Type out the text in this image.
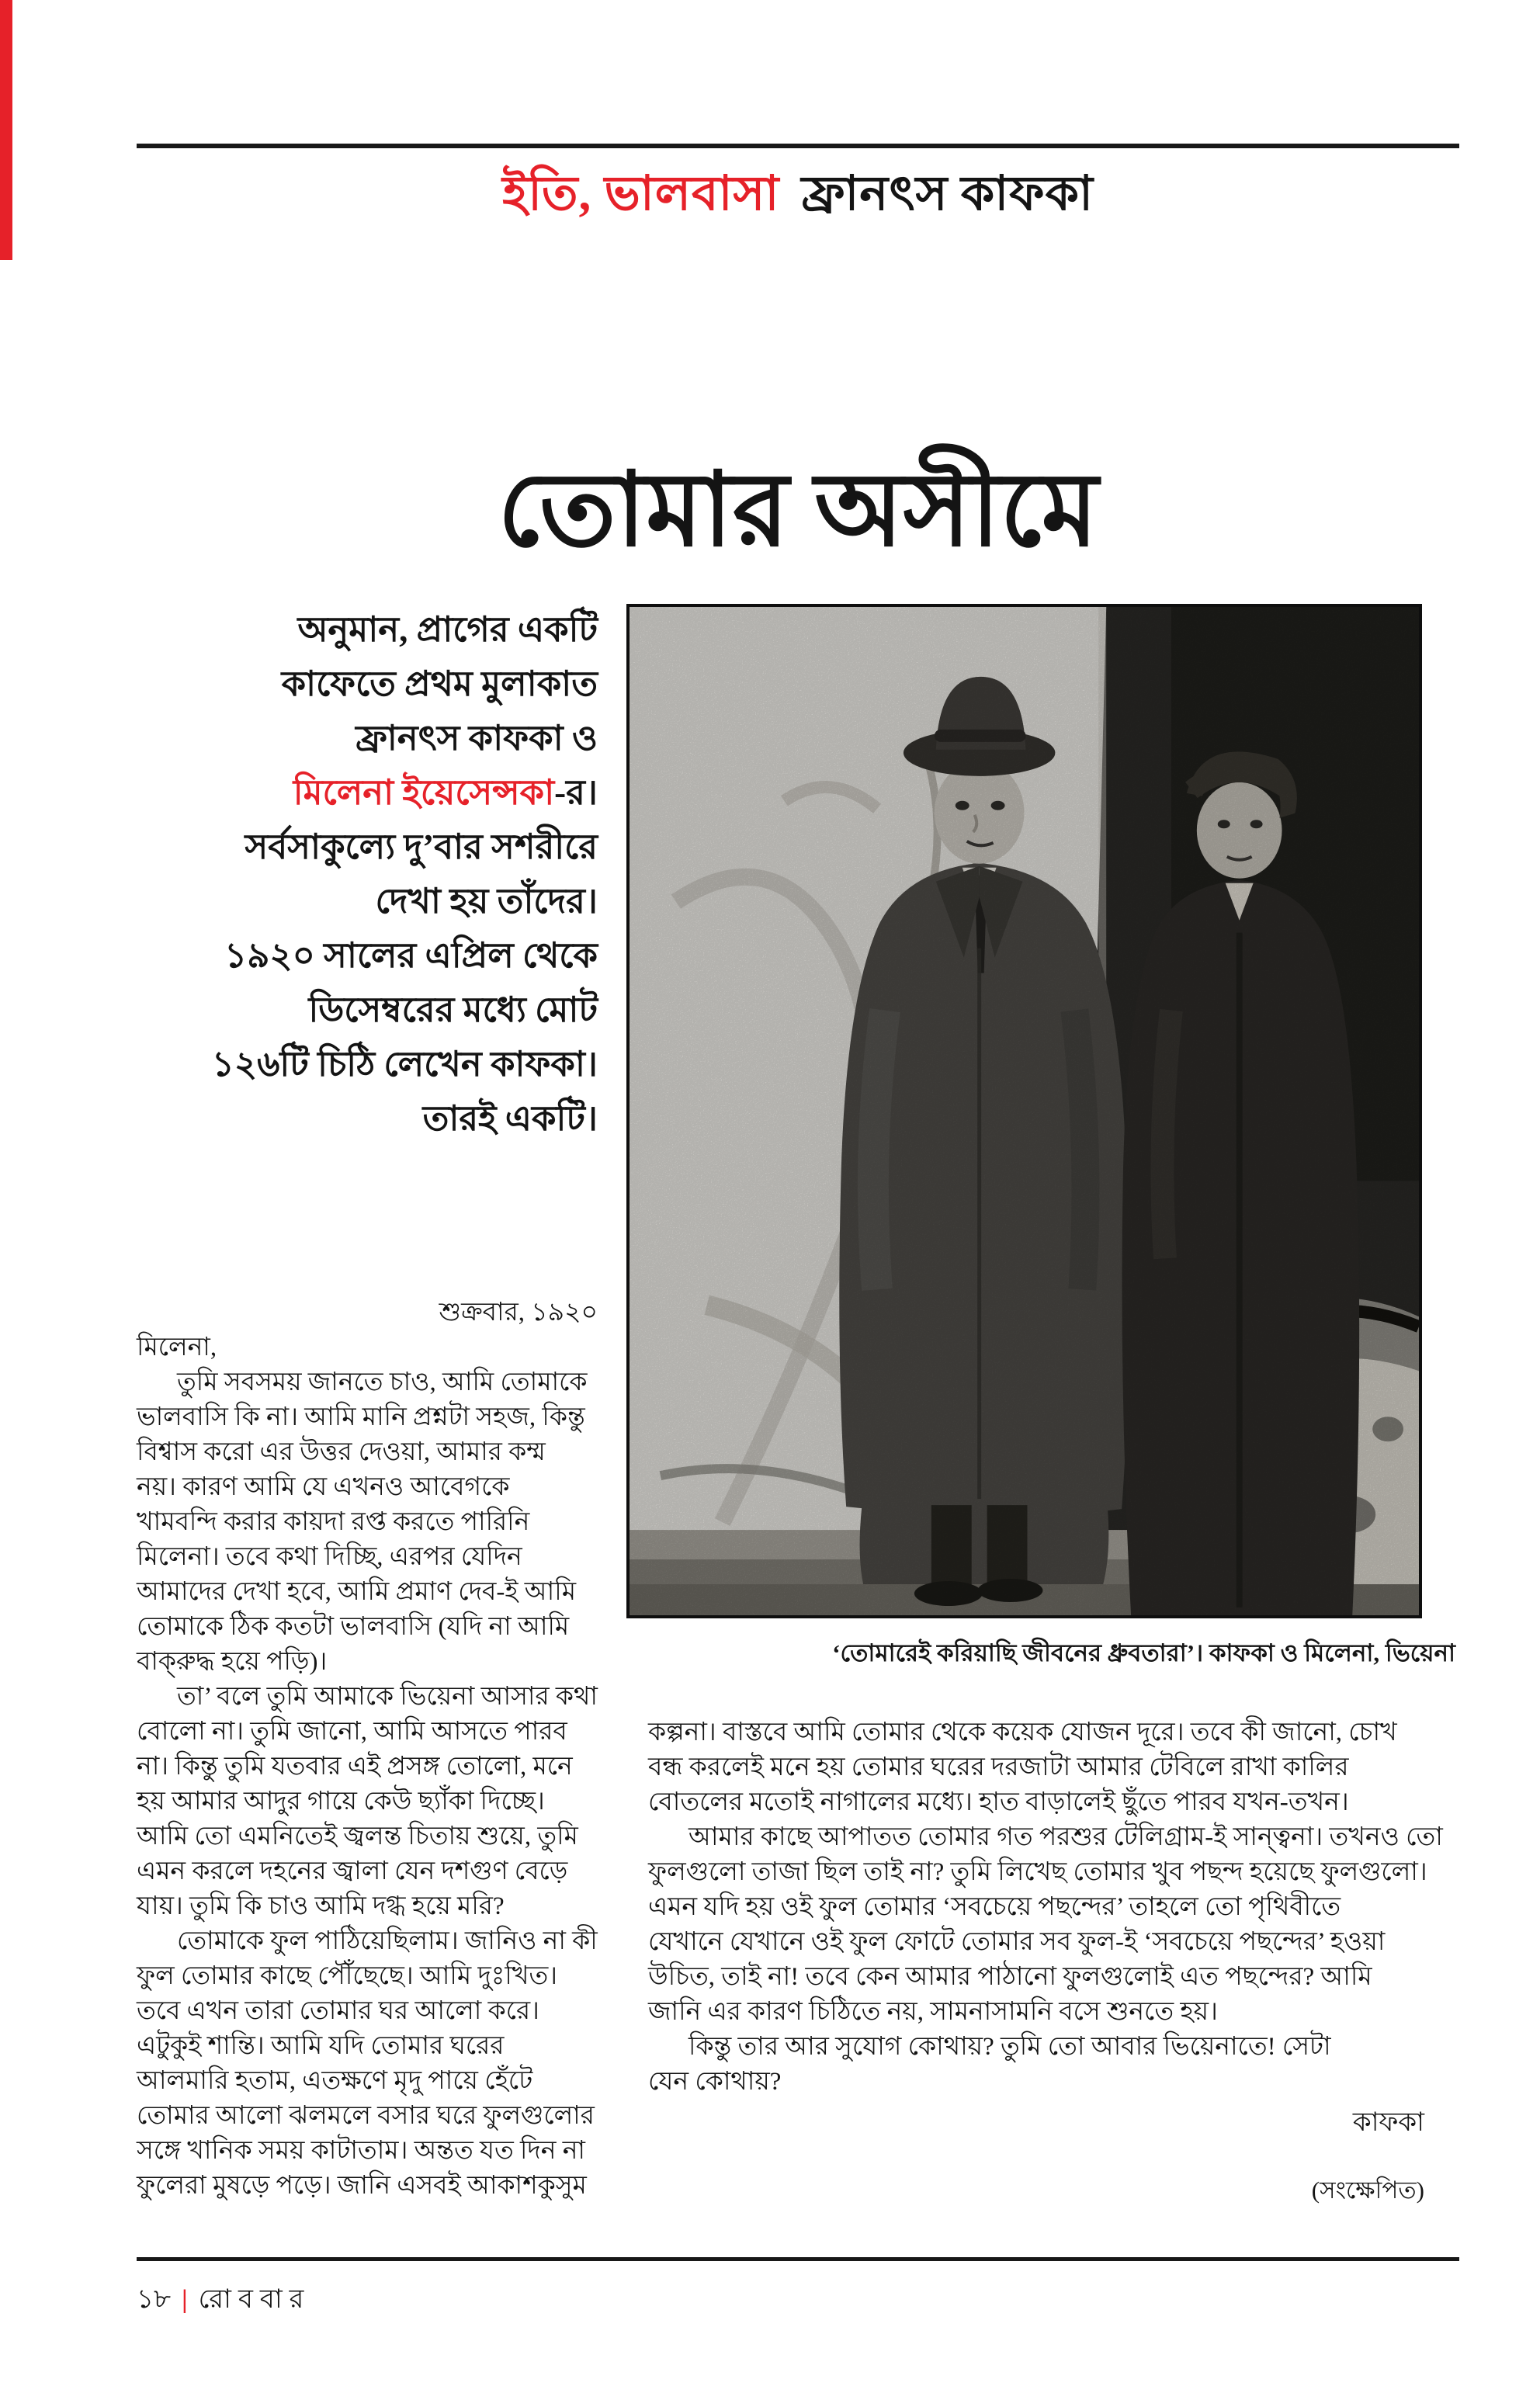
ইতি, ভালবাসা ফ্রানৎস কাফকা
তোমার অসীমে
অনুমান, প্রাগের একটি
কাফেতে প্রথম মুলাকাত
ফ্রানৎস কাফকা ও
মিলেনা ইয়েসেন্সকা-র।
সর্বসাকুল্যে দু’বার সশরীরে
দেখা হয় তাঁদের।
১৯২০ সালের এপ্রিল থেকে
ডিসেম্বরের মধ্যে মোট
১২৬টি চিঠি লেখেন কাফকা।
তারই একটি।
শুক্রবার, ১৯২০
মিলেনা,
তুমি সবসময় জানতে চাও, আমি তোমাকে
ভালবাসি কি না। আমি মানি প্রশ্নটা সহজ, কিন্তু
বিশ্বাস করো এর উত্তর দেওয়া, আমার কম্ম
নয়। কারণ আমি যে এখনও আবেগকে
খামবন্দি করার কায়দা রপ্ত করতে পারিনি
মিলেনা। তবে কথা দিচ্ছি, এরপর যেদিন
আমাদের দেখা হবে, আমি প্রমাণ দেব-ই আমি
তোমাকে ঠিক কতটা ভালবাসি (যদি না আমি
বাক্‌রুদ্ধ হয়ে পড়ি)।
তা’ বলে তুমি আমাকে ভিয়েনা আসার কথা
বোলো না। তুমি জানো, আমি আসতে পারব
না। কিন্তু তুমি যতবার এই প্রসঙ্গ তোলো, মনে
হয় আমার আদুর গায়ে কেউ ছ্যাঁকা দিচ্ছে।
আমি তো এমনিতেই জ্বলন্ত চিতায় শুয়ে, তুমি
এমন করলে দহনের জ্বালা যেন দশগুণ বেড়ে
যায়। তুমি কি চাও আমি দগ্ধ হয়ে মরি?
তোমাকে ফুল পাঠিয়েছিলাম। জানিও না কী
ফুল তোমার কাছে পৌঁছেছে। আমি দুঃখিত।
তবে এখন তারা তোমার ঘর আলো করে।
এটুকুই শান্তি। আমি যদি তোমার ঘরের
আলমারি হতাম, এতক্ষণে মৃদু পায়ে হেঁটে
তোমার আলো ঝলমলে বসার ঘরে ফুলগুলোর
সঙ্গে খানিক সময় কাটাতাম। অন্তত যত দিন না
ফুলেরা মুষড়ে পড়ে। জানি এসবই আকাশকুসুম
‘তোমারেই করিয়াছি জীবনের ধ্রুবতারা’। কাফকা ও মিলেনা, ভিয়েনা
কল্পনা। বাস্তবে আমি তোমার থেকে কয়েক যোজন দূরে। তবে কী জানো, চোখ
বন্ধ করলেই মনে হয় তোমার ঘরের দরজাটা আমার টেবিলে রাখা কালির
বোতলের মতোই নাগালের মধ্যে। হাত বাড়ালেই ছুঁতে পারব যখন-তখন।
আমার কাছে আপাতত তোমার গত পরশুর টেলিগ্রাম-ই সান্ত্বনা। তখনও তো
ফুলগুলো তাজা ছিল তাই না? তুমি লিখেছ তোমার খুব পছন্দ হয়েছে ফুলগুলো।
এমন যদি হয় ওই ফুল তোমার ‘সবচেয়ে পছন্দের’ তাহলে তো পৃথিবীতে
যেখানে যেখানে ওই ফুল ফোটে তোমার সব ফুল-ই ‘সবচেয়ে পছন্দের’ হওয়া
উচিত, তাই না! তবে কেন আমার পাঠানো ফুলগুলোই এত পছন্দের? আমি
জানি এর কারণ চিঠিতে নয়, সামনাসামনি বসে শুনতে হয়।
কিন্তু তার আর সুযোগ কোথায়? তুমি তো আবার ভিয়েনাতে! সেটা
যেন কোথায়?
কাফকা
(সংক্ষেপিত)
১৮ | রোববার
